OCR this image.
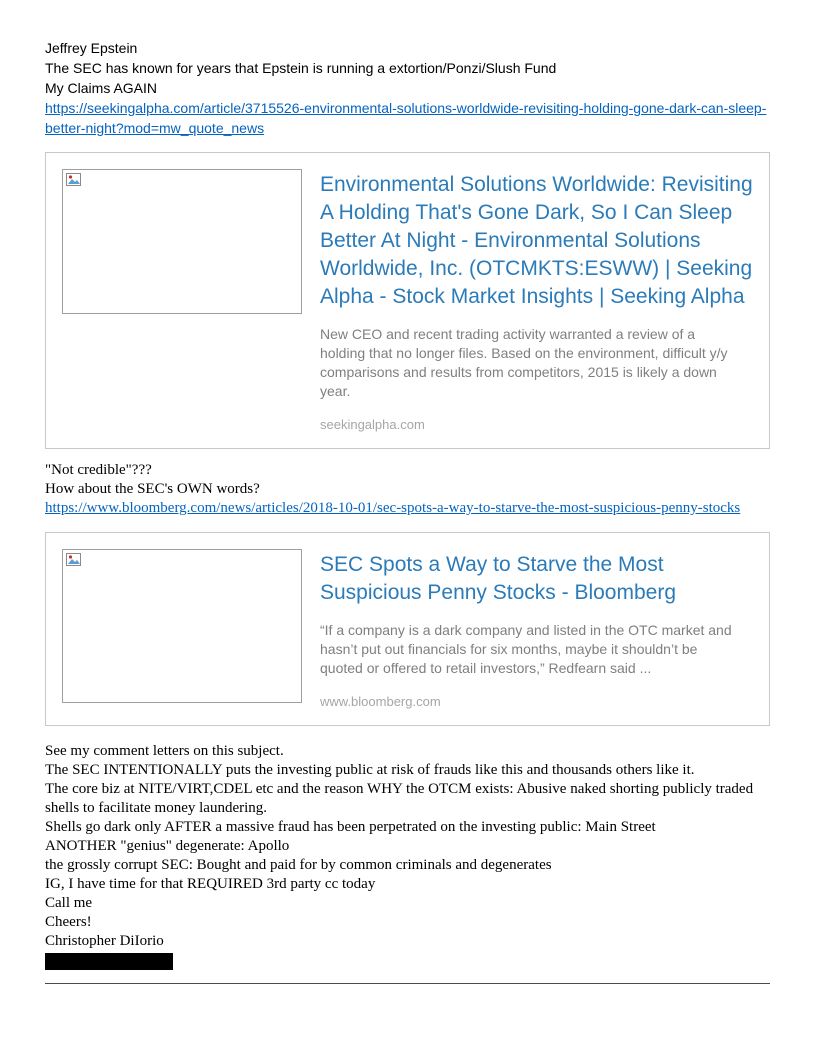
Jeffrey Epstein

The SEC has known for years that Epstein is running a extortion/Ponzi/Slush Fund

My Claims AGAIN

https://seekingalpha.com/article/3715526-environmental-solutions-worldwide-revisiting-holding-gone-dark-can-sleep-better-night?mod=mw_quote_news
Environmental Solutions Worldwide: Revisiting A Holding That's Gone Dark, So I Can Sleep Better At Night - Environmental Solutions Worldwide, Inc. (OTCMKTS:ESWW) | Seeking Alpha - Stock Market Insights | Seeking Alpha
New CEO and recent trading activity warranted a review of a holding that no longer files. Based on the environment, difficult y/y comparisons and results from competitors, 2015 is likely a down year.
seekingalpha.com

"Not credible"???

How about the SEC's OWN words?

https://www.bloomberg.com/news/articles/2018-10-01/sec-spots-a-way-to-starve-the-most-suspicious-penny-stocks
SEC Spots a Way to Starve the Most Suspicious Penny Stocks - Bloomberg
“If a company is a dark company and listed in the OTC market and hasn’t put out financials for six months, maybe it shouldn’t be quoted or offered to retail investors,” Redfearn said ...
www.bloomberg.com

See my comment letters on this subject.

The SEC INTENTIONALLY puts the investing public at risk of frauds like this and thousands others like it.

The core biz at NITE/VIRT,CDEL etc and the reason WHY the OTCM exists: Abusive naked shorting publicly traded shells to facilitate money laundering.

Shells go dark only AFTER a massive fraud has been perpetrated on the investing public: Main Street

ANOTHER "genius" degenerate: Apollo

the grossly corrupt SEC: Bought and paid for by common criminals and degenerates

IG, I have time for that REQUIRED 3rd party cc today

Call me

Cheers!

Christopher DiIorio
